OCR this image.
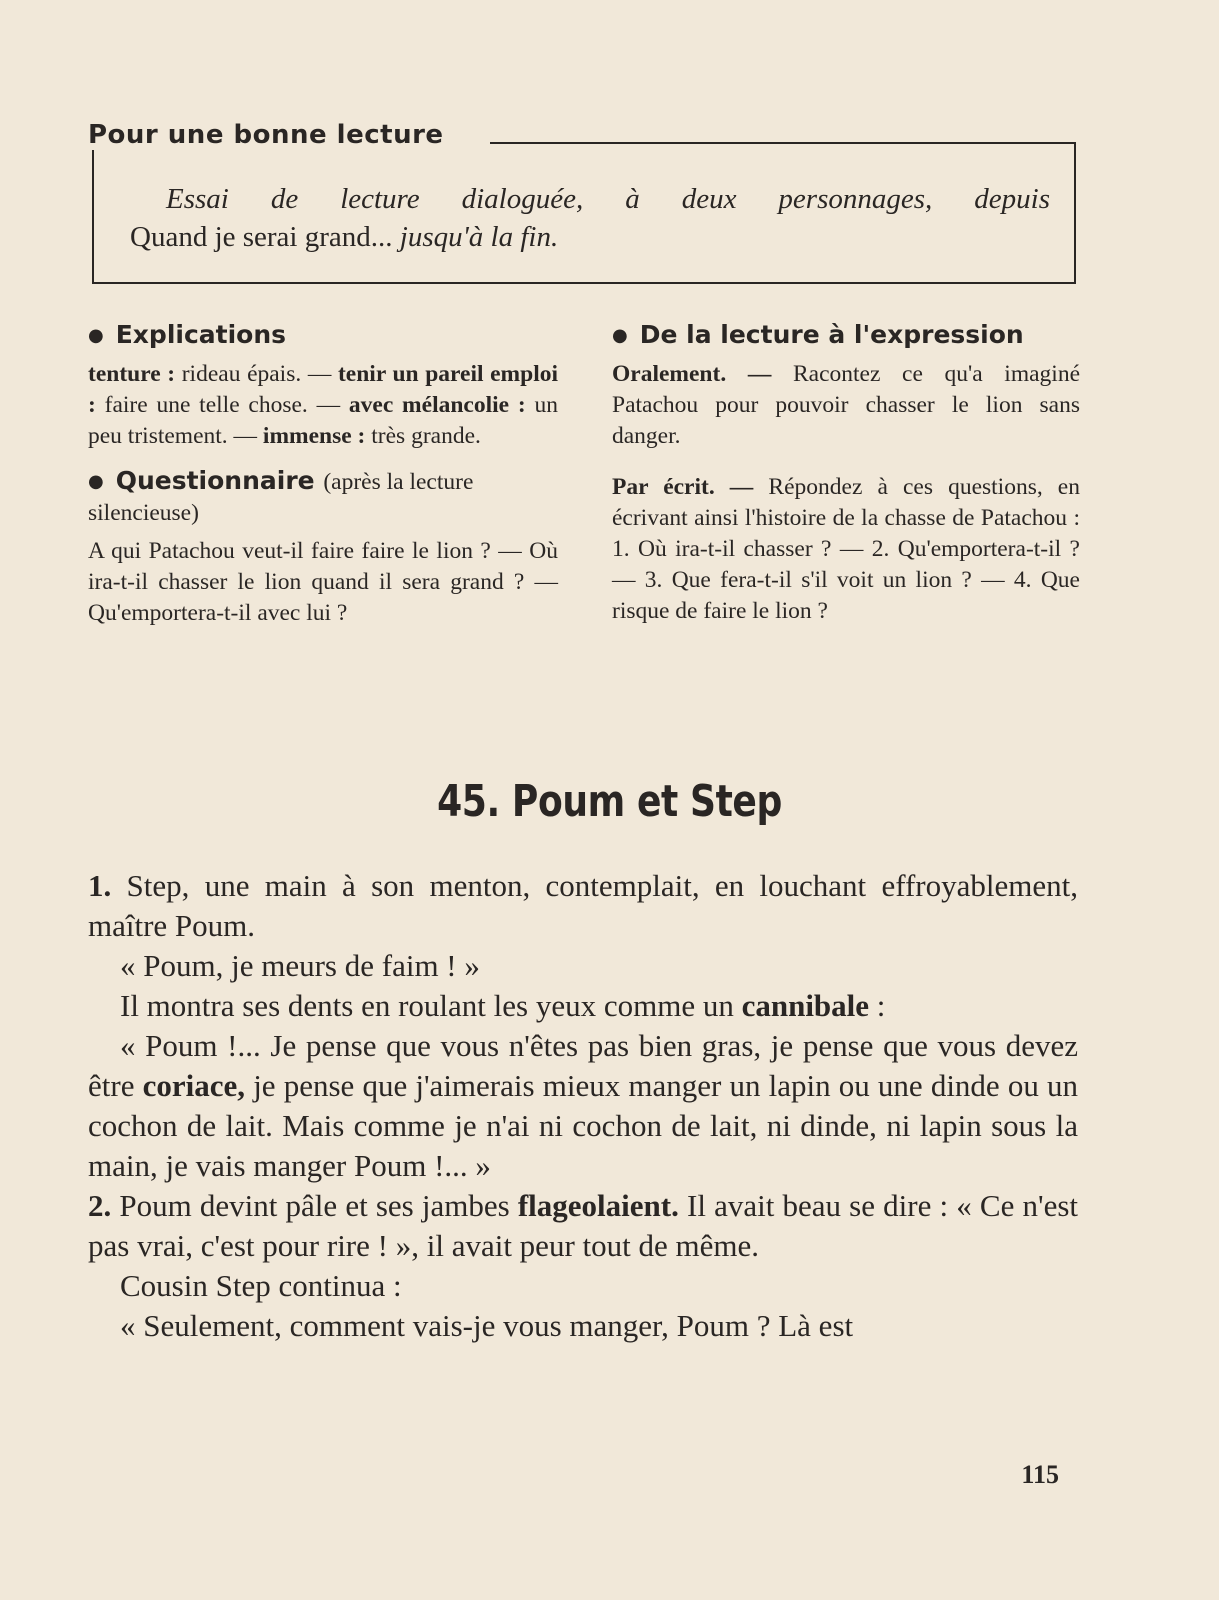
Pour une bonne lecture
Essai de lecture dialoguée, à deux personnages, depuis
Quand je serai grand... jusqu'à la fin.
● Explications

tenture : rideau épais. — tenir un pareil emploi : faire une telle chose. — avec mélancolie : un peu tristement. — immense : très grande.

● Questionnaire (après la lecture silencieuse)

A qui Patachou veut-il faire faire le lion ? — Où ira-t-il chasser le lion quand il sera grand ? — Qu'emportera-t-il avec lui ?

● De la lecture à l'expression

Oralement. — Racontez ce qu'a imaginé Patachou pour pouvoir chasser le lion sans danger.

Par écrit. — Répondez à ces questions, en écrivant ainsi l'histoire de la chasse de Patachou : 1. Où ira-t-il chasser ? — 2. Qu'emportera-t-il ? — 3. Que fera-t-il s'il voit un lion ? — 4. Que risque de faire le lion ?

45. Poum et Step

1. Step, une main à son menton, contemplait, en louchant effroyablement, maître Poum.

« Poum, je meurs de faim ! »

Il montra ses dents en roulant les yeux comme un cannibale :

« Poum !... Je pense que vous n'êtes pas bien gras, je pense que vous devez être coriace, je pense que j'aimerais mieux manger un lapin ou une dinde ou un cochon de lait. Mais comme je n'ai ni cochon de lait, ni dinde, ni lapin sous la main, je vais manger Poum !... »

2. Poum devint pâle et ses jambes flageolaient. Il avait beau se dire : « Ce n'est pas vrai, c'est pour rire ! », il avait peur tout de même.

Cousin Step continua :

« Seulement, comment vais-je vous manger, Poum ? Là est

115
